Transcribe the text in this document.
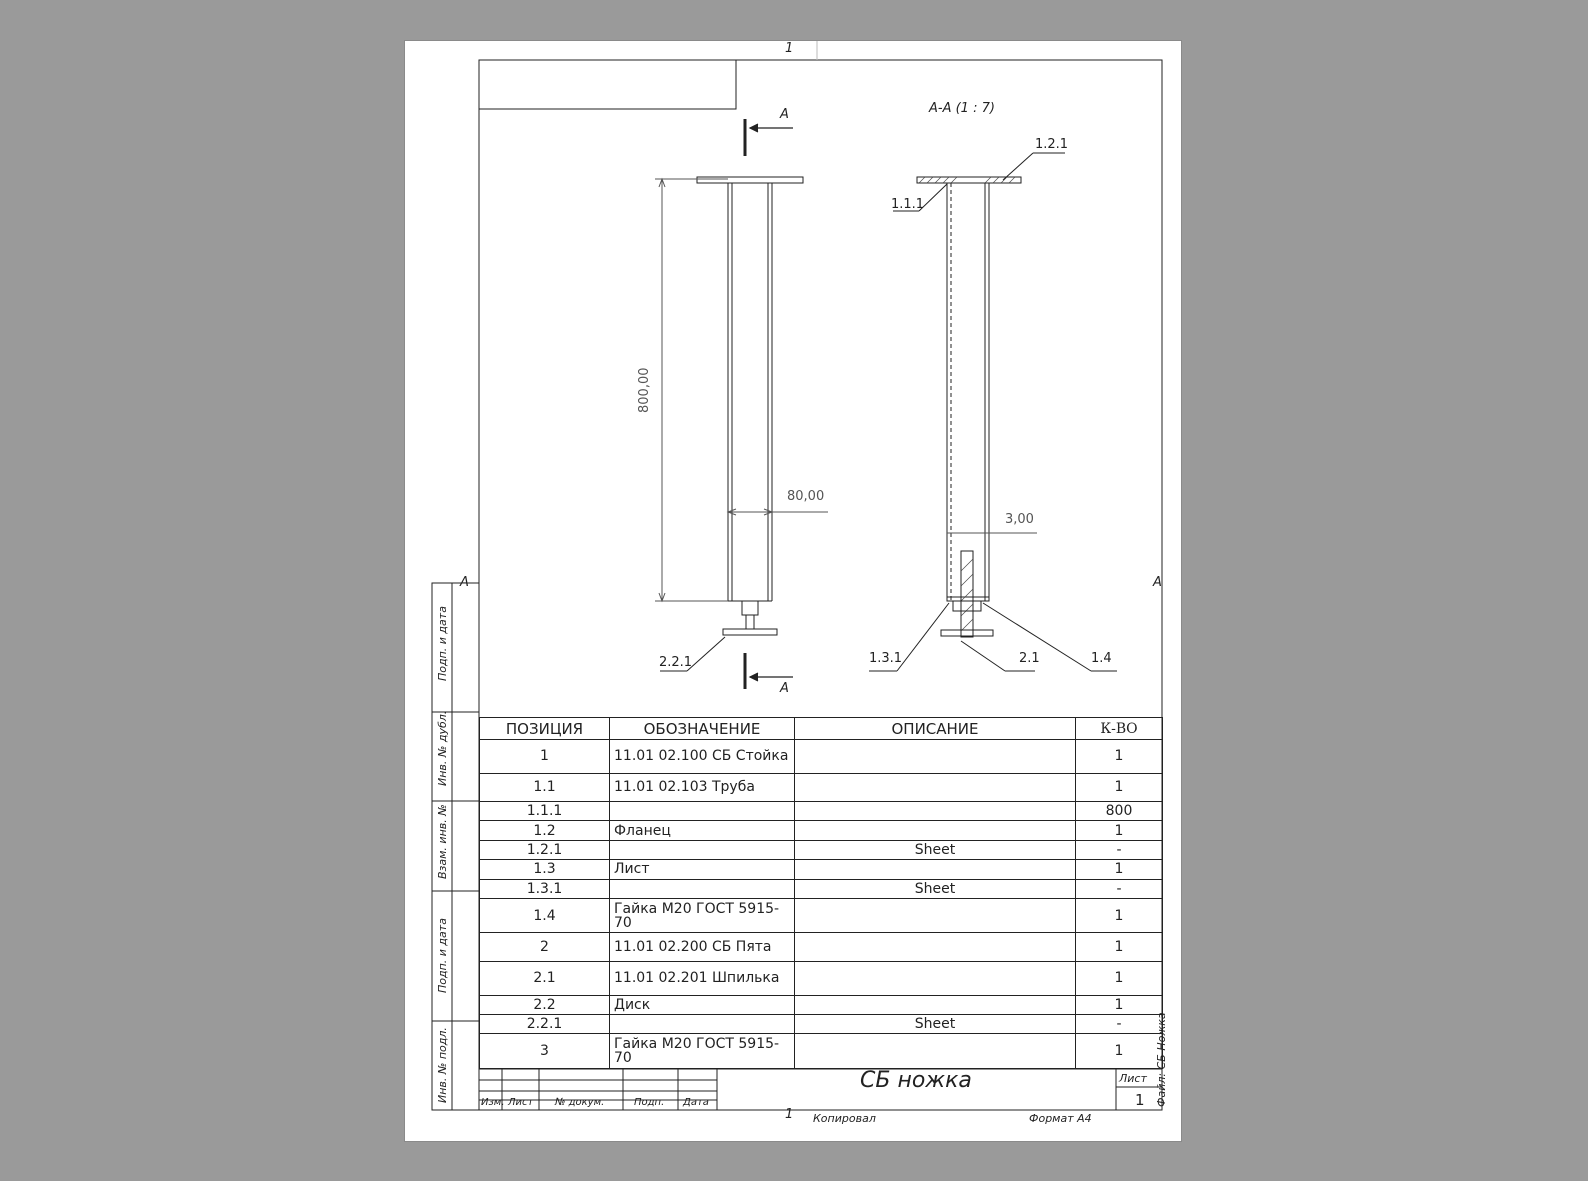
1
1
А-А (1 : 7)
А
А
А	А
800,00
80,00
3,00
1.2.1
1.1.1
1.3.1	2.1	1.4
2.2.1
ПОЗИЦИЯ	ОБОЗНАЧЕНИЕ	ОПИСАНИЕ	К-ВО
1	11.01 02.100 СБ Стойка		1
1.1	11.01 02.103 Труба		1
1.1.1			800
1.2	Фланец		1
1.2.1		Sheet	-
1.3	Лист		1
1.3.1		Sheet	-
1.4	Гайка М20 ГОСТ 5915-70		1
2	11.01 02.200 СБ Пята		1
2.1	11.01 02.201 Шпилька		1
2.2	Диск		1
2.2.1		Sheet	-
3	Гайка М20 ГОСТ 5915-70		1
СБ ножка	Лист
1
Изм. Лист № докум.	Подп. Дата
Копировал	Формат А4
Файл: СБ Ножка
Подп. и дата
Инв. № дубл.
Взам. инв. №
Подп. и дата
Инв. № подл.
